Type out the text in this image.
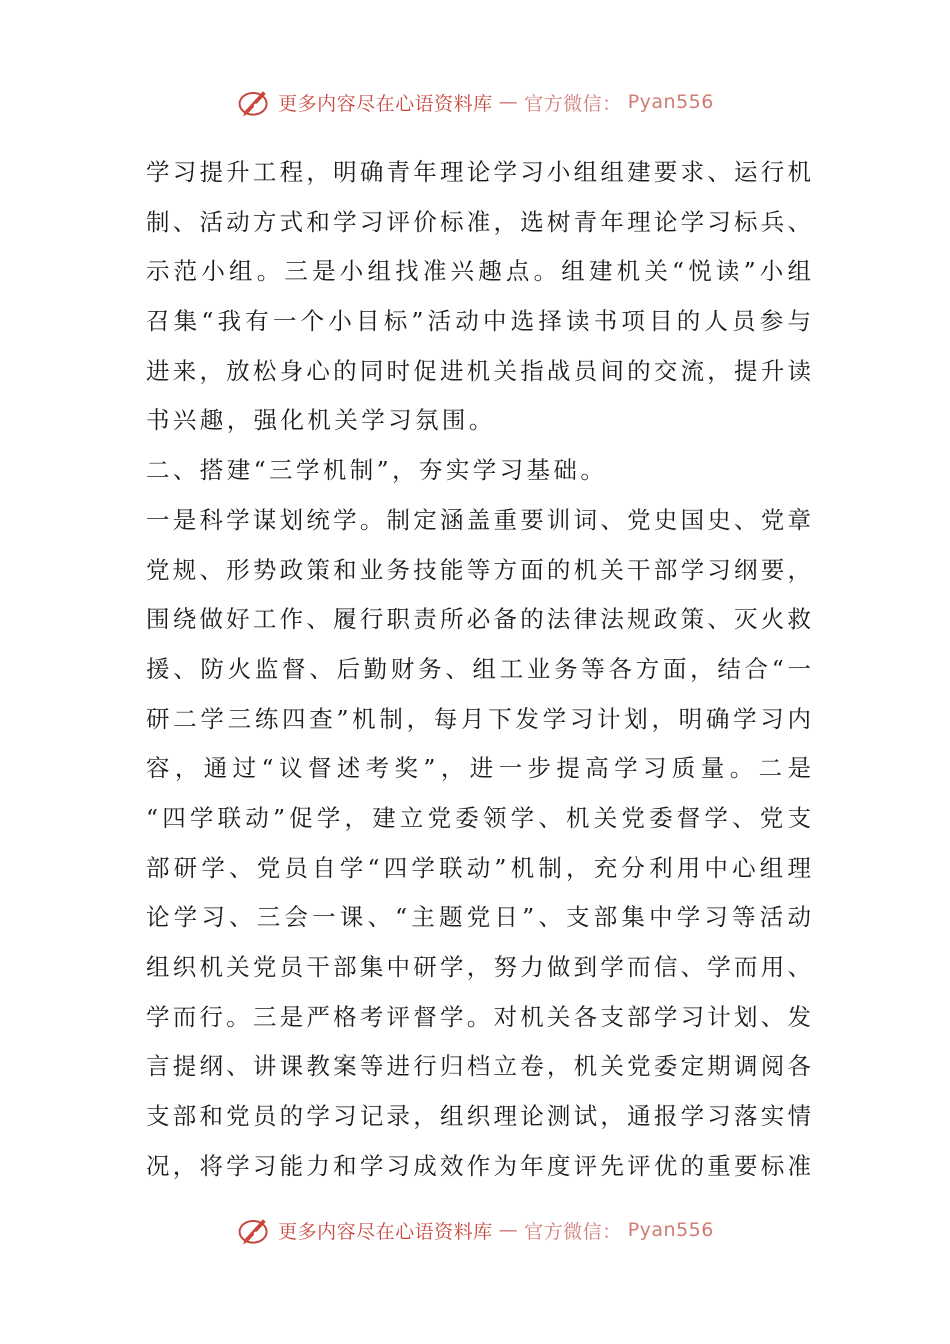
更多内容尽在心语资料库 — 官方微信： Pyan556
学习提升工程，明确青年理论学习小组组建要求、运行机
制、活动方式和学习评价标准，选树青年理论学习标兵、
示范小组。三是小组找准兴趣点。组建机关“悦读”小组
召集“我有一个小目标”活动中选择读书项目的人员参与
进来，放松身心的同时促进机关指战员间的交流，提升读
书兴趣，强化机关学习氛围。
二、搭建“三学机制”，夯实学习基础。
一是科学谋划统学。制定涵盖重要训词、党史国史、党章
党规、形势政策和业务技能等方面的机关干部学习纲要，
围绕做好工作、履行职责所必备的法律法规政策、灭火救
援、防火监督、后勤财务、组工业务等各方面，结合“一
研二学三练四查”机制，每月下发学习计划，明确学习内
容，通过“议督述考奖”，进一步提高学习质量。二是
“四学联动”促学，建立党委领学、机关党委督学、党支
部研学、党员自学“四学联动”机制，充分利用中心组理
论学习、三会一课、“主题党日”、支部集中学习等活动
组织机关党员干部集中研学，努力做到学而信、学而用、
学而行。三是严格考评督学。对机关各支部学习计划、发
言提纲、讲课教案等进行归档立卷，机关党委定期调阅各
支部和党员的学习记录，组织理论测试，通报学习落实情
况，将学习能力和学习成效作为年度评先评优的重要标准
更多内容尽在心语资料库 — 官方微信： Pyan556
